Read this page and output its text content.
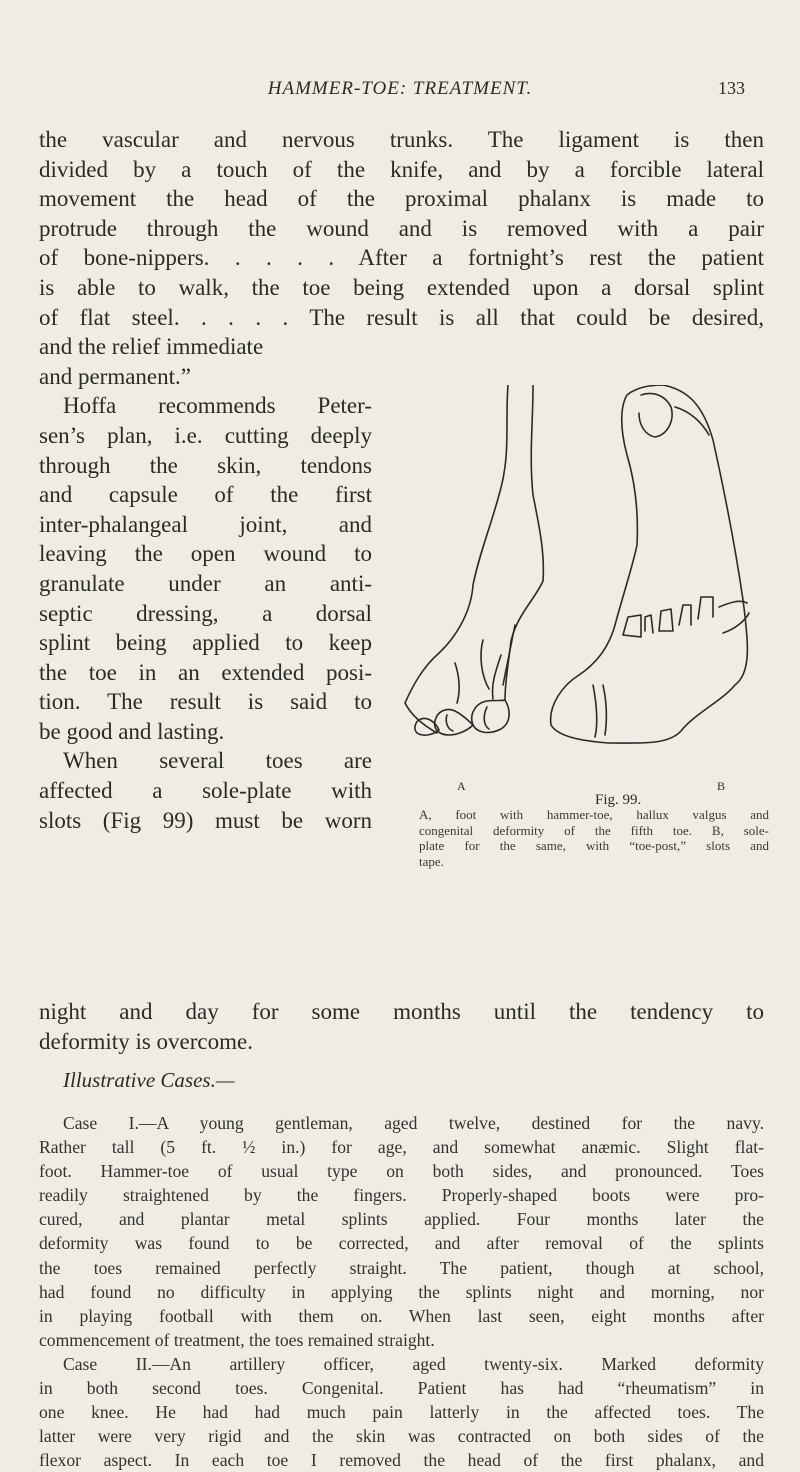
HAMMER-TOE: TREATMENT.	133
the vascular and nervous trunks. The ligament is then
divided by a touch of the knife, and by a forcible lateral
movement the head of the proximal phalanx is made to
protrude through the wound and is removed with a pair
of bone-nippers. . . . . After a fortnight’s rest the patient
is able to walk, the toe being extended upon a dorsal splint
of flat steel. . . . . The result is all that could be desired,
and the relief immediate
and permanent.”
Hoffa recommends Peter-
sen’s plan, i.e. cutting deeply
through the skin, tendons
and capsule of the first
inter-phalangeal joint, and
leaving the open wound to
granulate under an anti-
septic dressing, a dorsal
splint being applied to keep
the toe in an extended posi-
tion. The result is said to
be good and lasting.
When several toes are
affected a sole-plate with
slots (Fig 99) must be worn
A	B
Fig. 99.
A, foot with hammer-toe, hallux valgus and
congenital deformity of the fifth toe. B, sole-
plate for the same, with “toe-post,” slots and
tape.
night and day for some months until the tendency to
deformity is overcome.
Illustrative Cases.—
Case I.—A young gentleman, aged twelve, destined for the navy.
Rather tall (5 ft. ½ in.) for age, and somewhat anæmic. Slight flat-
foot. Hammer-toe of usual type on both sides, and pronounced. Toes
readily straightened by the fingers. Properly-shaped boots were pro-
cured, and plantar metal splints applied. Four months later the
deformity was found to be corrected, and after removal of the splints
the toes remained perfectly straight. The patient, though at school,
had found no difficulty in applying the splints night and morning, nor
in playing football with them on. When last seen, eight months after
commencement of treatment, the toes remained straight.
Case II.—An artillery officer, aged twenty-six. Marked deformity
in both second toes. Congenital. Patient has had “rheumatism” in
one knee. He had had much pain latterly in the affected toes. The
latter were very rigid and the skin was contracted on both sides of the
flexor aspect. In each toe I removed the head of the first phalanx, and
